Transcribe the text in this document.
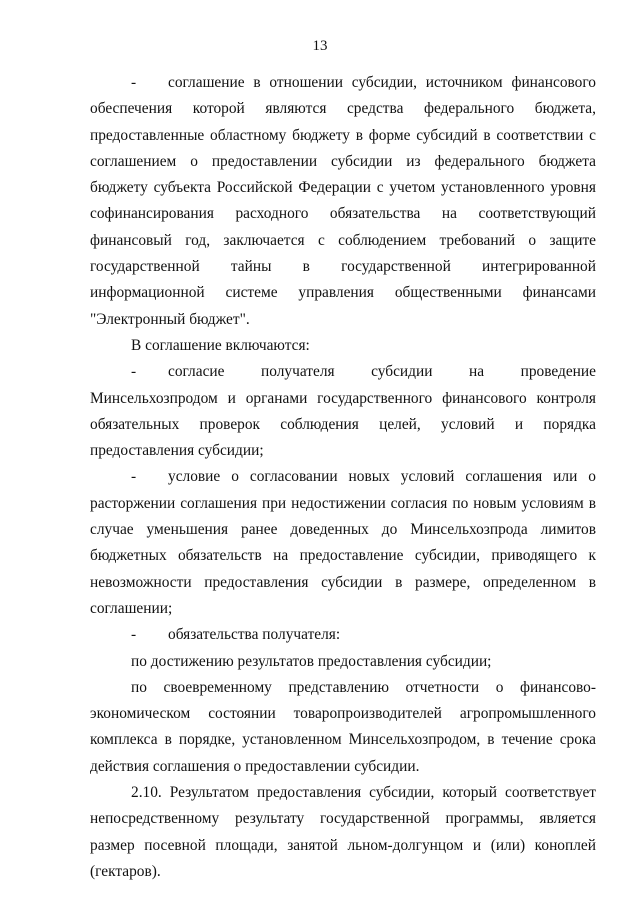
13

- соглашение в отношении субсидии, источником финансового обеспечения которой являются средства федерального бюджета, предоставленные областному бюджету в форме субсидий в соответствии с соглашением о предоставлении субсидии из федерального бюджета бюджету субъекта Российской Федерации с учетом установленного уровня софинансирования расходного обязательства на соответствующий финансовый год, заключается с соблюдением требований о защите государственной тайны в государственной интегрированной информационной системе управления общественными финансами "Электронный бюджет".

В соглашение включаются:

- согласие получателя субсидии на проведение Минсельхозпродом и органами государственного финансового контроля обязательных проверок соблюдения целей, условий и порядка предоставления субсидии;

- условие о согласовании новых условий соглашения или о расторжении соглашения при недостижении согласия по новым условиям в случае уменьшения ранее доведенных до Минсельхозпрода лимитов бюджетных обязательств на предоставление субсидии, приводящего к невозможности предоставления субсидии в размере, определенном в соглашении;

- обязательства получателя:

по достижению результатов предоставления субсидии;

по своевременному представлению отчетности о финансово-экономическом состоянии товаропроизводителей агропромышленного комплекса в порядке, установленном Минсельхозпродом, в течение срока действия соглашения о предоставлении субсидии.

2.10. Результатом предоставления субсидии, который соответствует непосредственному результату государственной программы, является размер посевной площади, занятой льном-долгунцом и (или) коноплей (гектаров).
